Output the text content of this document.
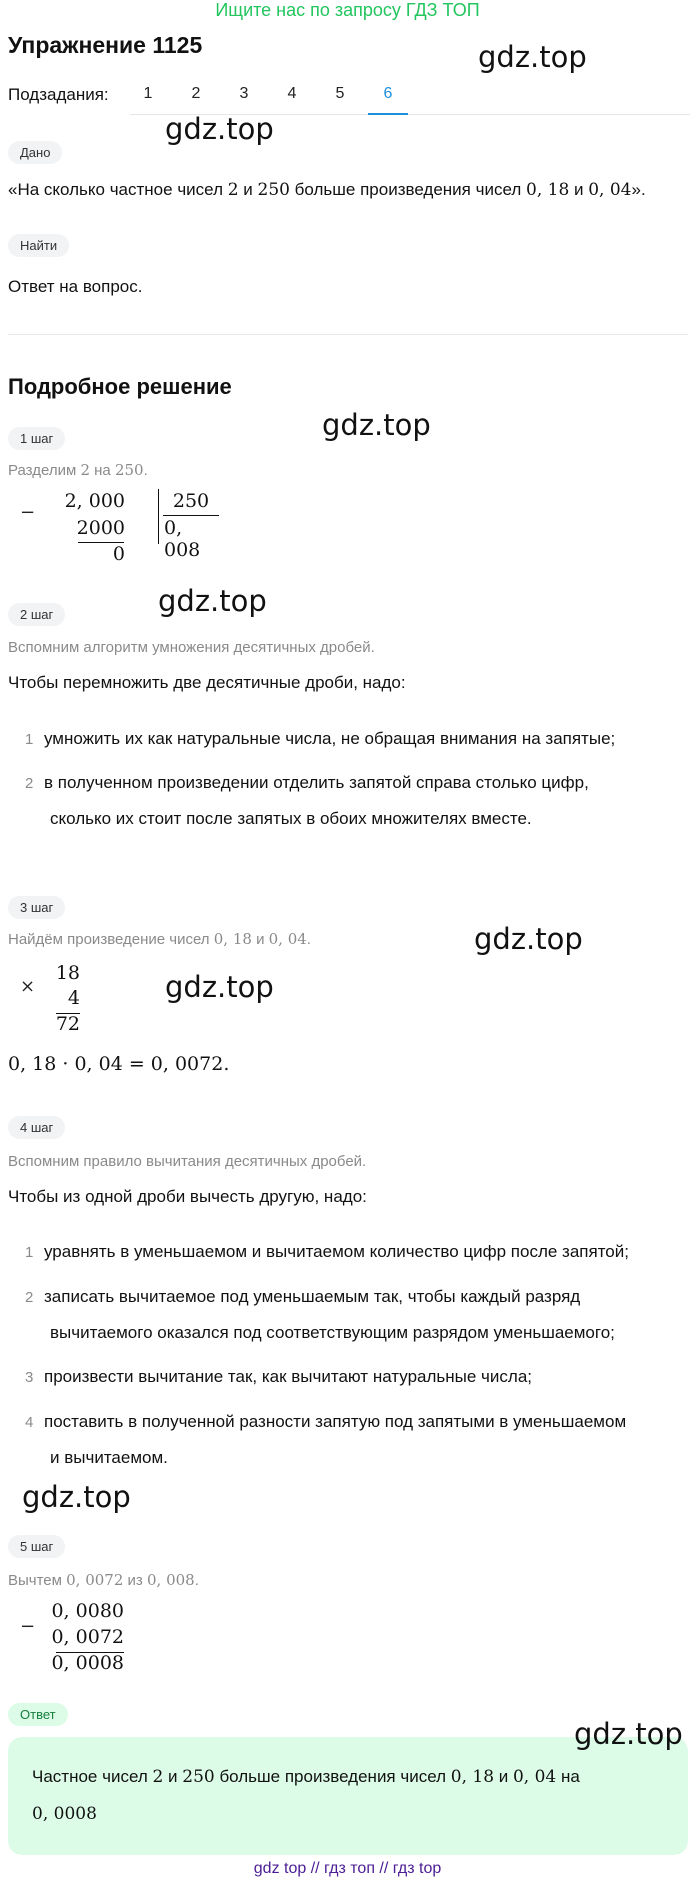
Ищите нас по запросу ГДЗ ТОП
Упражнение 1125	gdz.top
Подзадания:	1	2	3	4	5	6
gdz.top
Дано
«На сколько частное чисел 2 и 250 больше произведения чисел 0, 18 и 0, 04».
Найти
Ответ на вопрос.
Подробное решение
gdz.top
1 шаг
Разделим 2 на 250.
−
2, 000
2000
0
250
0, 008
gdz.top
2 шаг
Вспомним алгоритм умножения десятичных дробей.
Чтобы перемножить две десятичные дроби, надо:
1 умножить их как натуральные числа, не обращая внимания на запятые;
2 в полученном произведении отделить запятой справа столько цифр,
сколько их стоит после запятых в обоих множителях вместе.
3 шаг
Найдём произведение чисел 0, 18 и 0, 04.	gdz.top
×
18
4
72
gdz.top
0, 18 · 0, 04 = 0, 0072.
4 шаг
Вспомним правило вычитания десятичных дробей.
Чтобы из одной дроби вычесть другую, надо:
1 уравнять в уменьшаемом и вычитаемом количество цифр после запятой;
2 записать вычитаемое под уменьшаемым так, чтобы каждый разряд
вычитаемого оказался под соответствующим разрядом уменьшаемого;
3 произвести вычитание так, как вычитают натуральные числа;
4 поставить в полученной разности запятую под запятыми в уменьшаемом
и вычитаемом.
gdz.top
5 шаг
Вычтем 0, 0072 из 0, 008.
−
0, 0080
0, 0072
0, 0008
Ответ
gdz.top
Частное чисел 2 и 250 больше произведения чисел 0, 18 и 0, 04 на
0, 0008
gdz top // гдз топ // гдз top
